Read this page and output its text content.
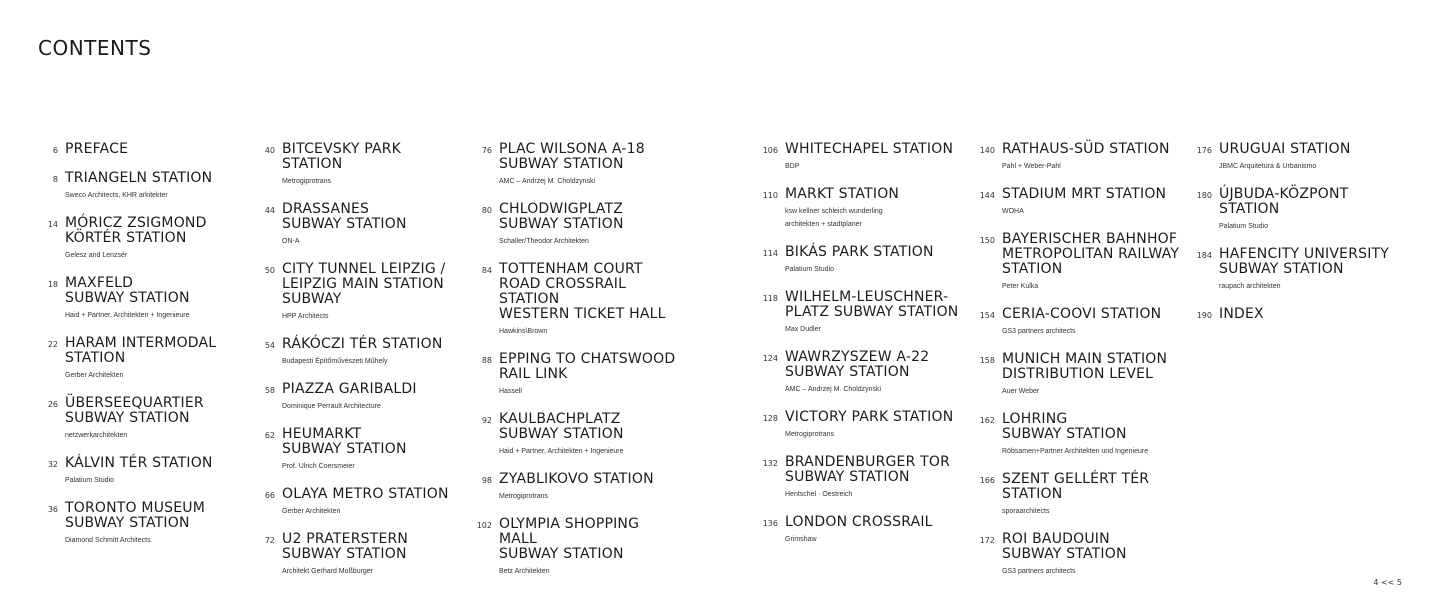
CONTENTS
6 PREFACE
8 TRIANGELN STATION
Sweco Architects, KHR arkitekter
14 MÓRICZ ZSIGMOND
KÖRTÉR STATION
Gelesz and Lenzsér
18 MAXFELD
SUBWAY STATION
Haid + Partner, Architekten + Ingenieure
22 HARAM INTERMODAL
STATION
Gerber Architekten
26 ÜBERSEEQUARTIER
SUBWAY STATION
netzwerkarchitekten
32 KÁLVIN TÉR STATION
Palatium Studio
36 TORONTO MUSEUM
SUBWAY STATION
Diamond Schmitt Architects
40 BITCEVSKY PARK
STATION
Metrogiprotrans
44 DRASSANES
SUBWAY STATION
ON-A
50 CITY TUNNEL LEIPZIG /
LEIPZIG MAIN STATION
SUBWAY
HPP Architects
54 RÁKÓCZI TÉR STATION
Budapesti Építőművészeti Műhely
58 PIAZZA GARIBALDI
Dominique Perrault Architecture
62 HEUMARKT
SUBWAY STATION
Prof. Ulrich Coersmeier
66 OLAYA METRO STATION
Gerber Architekten
72 U2 PRATERSTERN
SUBWAY STATION
Architekt Gerhard Moßburger
76 PLAC WILSONA A-18
SUBWAY STATION
AMC – Andrzej M. Choldzynski
80 CHLODWIGPLATZ
SUBWAY STATION
Schaller/Theodor Architekten
84 TOTTENHAM COURT
ROAD CROSSRAIL
STATION
WESTERN TICKET HALL
Hawkins\Brown
88 EPPING TO CHATSWOOD
RAIL LINK
Hassell
92 KAULBACHPLATZ
SUBWAY STATION
Haid + Partner, Architekten + Ingenieure
98 ZYABLIKOVO STATION
Metrogiprotrans
102 OLYMPIA SHOPPING MALL
SUBWAY STATION
Betz Architekten
106 WHITECHAPEL STATION
BDP
110 MARKT STATION
ksw kellner schleich wunderling
architekten + stadtplaner
114 BIKÁS PARK STATION
Palatium Studio
118 WILHELM-LEUSCHNER-
PLATZ SUBWAY STATION
Max Dudler
124 WAWRZYSZEW A-22
SUBWAY STATION
AMC – Andrzej M. Choldzynski
128 VICTORY PARK STATION
Metrogiprotrans
132 BRANDENBURGER TOR
SUBWAY STATION
Hentschel · Oestreich
136 LONDON CROSSRAIL
Grimshaw
140 RATHAUS-SÜD STATION
Pahl + Weber-Pahl
144 STADIUM MRT STATION
WOHA
150 BAYERISCHER BAHNHOF
METROPOLITAN RAILWAY
STATION
Peter Kulka
154 CERIA-COOVI STATION
GS3 partners architects
158 MUNICH MAIN STATION
DISTRIBUTION LEVEL
Auer Weber
162 LOHRING
SUBWAY STATION
Röbsamen+Partner Architekten und Ingenieure
166 SZENT GELLÉRT TÉR
STATION
sporaarchitects
172 ROI BAUDOUIN
SUBWAY STATION
GS3 partners architects
176 URUGUAI STATION
JBMC Arquitetura & Urbanismo
180 ÚJBUDA-KÖZPONT
STATION
Palatium Studio
184 HAFENCITY UNIVERSITY
SUBWAY STATION
raupach architekten
190 INDEX
4 << 5
